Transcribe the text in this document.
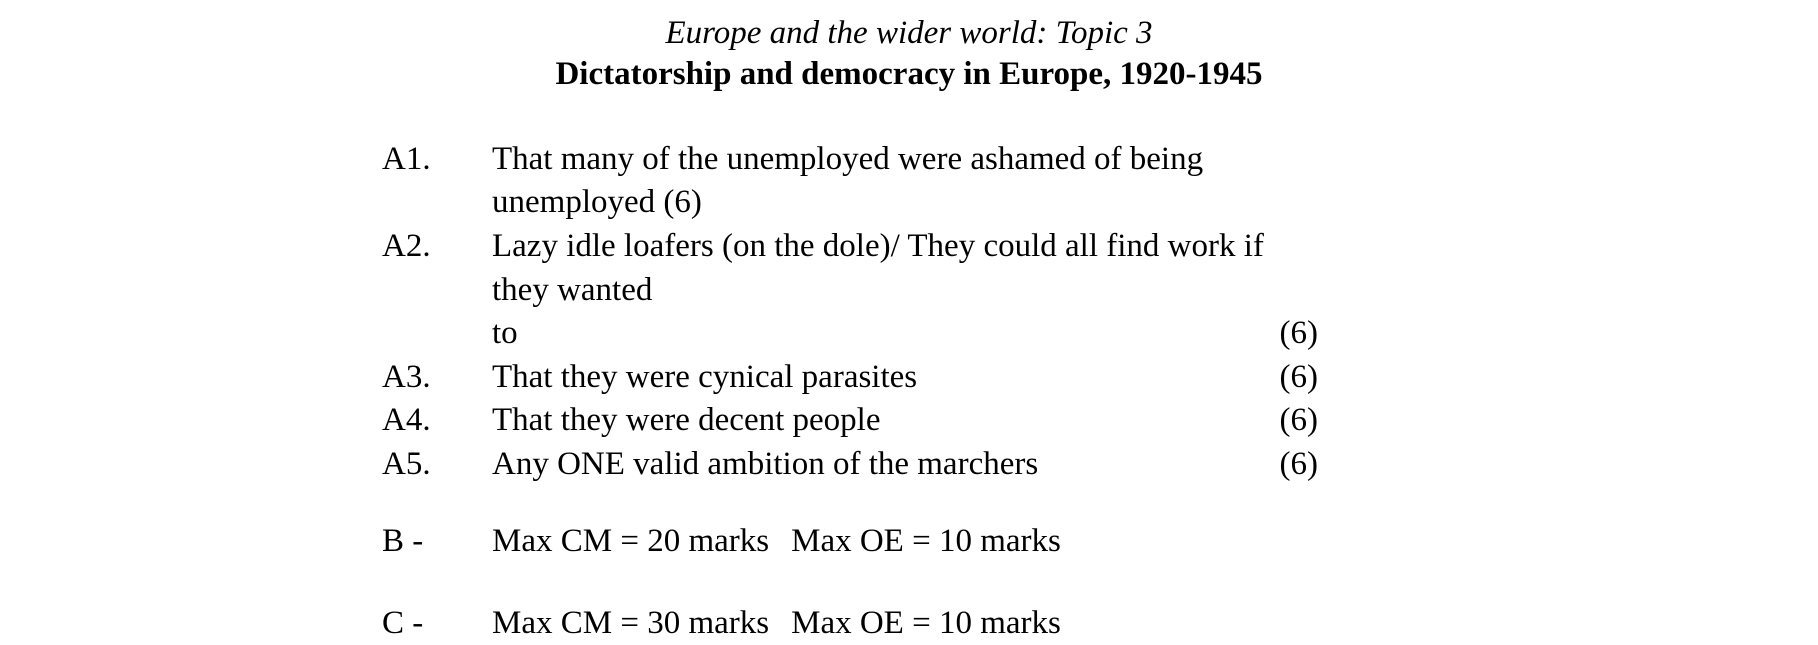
Europe and the wider world: Topic 3
Dictatorship and democracy in Europe, 1920-1945
A1.	That many of the unemployed were ashamed of being unemployed (6)
A2.	Lazy idle loafers (on the dole)/ They could all find work if they wanted
to	(6)
A3.	That they were cynical parasites	(6)
A4.	That they were decent people	(6)
A5.	Any ONE valid ambition of the marchers	(6)
B -	Max CM = 20 marks Max OE = 10 marks
C -	Max CM = 30 marks Max OE = 10 marks
